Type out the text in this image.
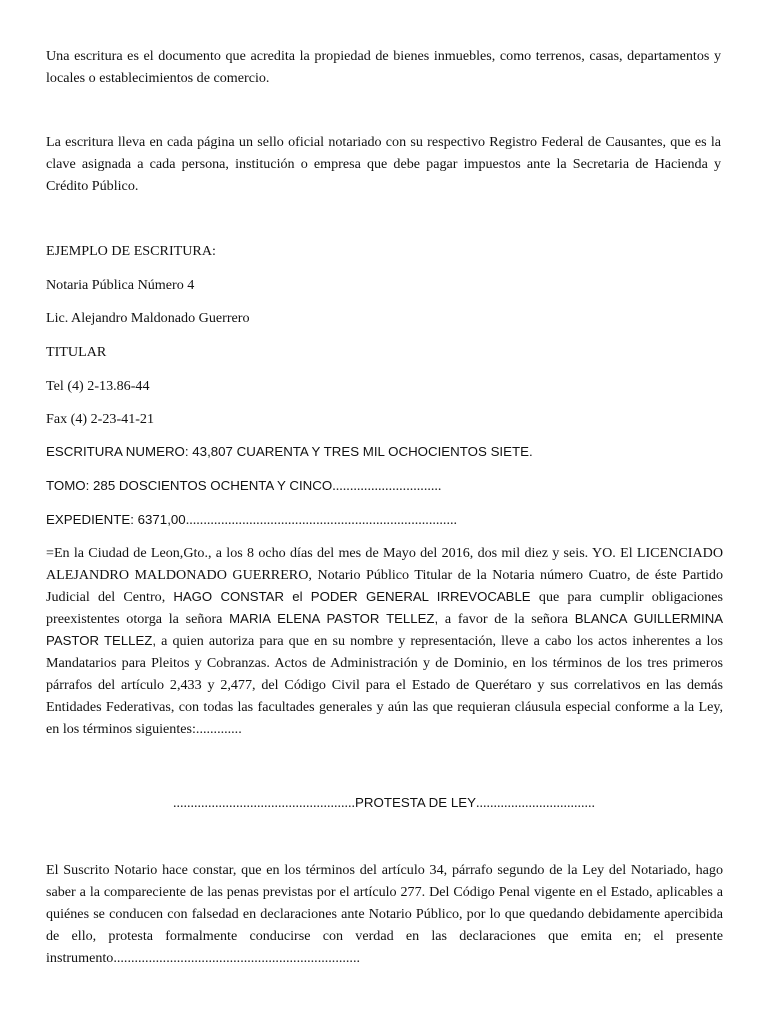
Una escritura es el documento que acredita la propiedad de bienes inmuebles, como terrenos, casas, departamentos y locales o establecimientos de comercio.

La escritura lleva en cada página un sello oficial notariado con su respectivo Registro Federal de Causantes, que es la clave asignada a cada persona, institución o empresa que debe pagar impuestos ante la Secretaria de Hacienda y Crédito Público.

EJEMPLO DE ESCRITURA:

Notaria Pública Número 4

Lic. Alejandro Maldonado Guerrero

TITULAR

Tel (4) 2-13.86-44

Fax (4) 2-23-41-21

ESCRITURA NUMERO: 43,807 CUARENTA Y TRES MIL OCHOCIENTOS SIETE.

TOMO: 285 DOSCIENTOS OCHENTA Y CINCO...............................

EXPEDIENTE: 6371,00.............................................................................

=En la Ciudad de Leon,Gto., a los 8 ocho días del mes de Mayo del 2016, dos mil diez y seis. YO. El LICENCIADO ALEJANDRO MALDONADO GUERRERO, Notario Público Titular de la Notaria número Cuatro, de éste Partido Judicial del Centro, HAGO CONSTAR el PODER GENERAL IRREVOCABLE que para cumplir obligaciones preexistentes otorga la señora MARIA ELENA PASTOR TELLEZ, a favor de la señora BLANCA GUILLERMINA PASTOR TELLEZ, a quien autoriza para que en su nombre y representación, lleve a cabo los actos inherentes a los Mandatarios para Pleitos y Cobranzas. Actos de Administración y de Dominio, en los términos de los tres primeros párrafos del artículo 2,433 y 2,477, del Código Civil para el Estado de Querétaro y sus correlativos en las demás Entidades Federativas, con todas las facultades generales y aún las que requieran cláusula especial conforme a la Ley, en los términos siguientes:.............

....................................................PROTESTA DE LEY..................................

El Suscrito Notario hace constar, que en los términos del artículo 34, párrafo segundo de la Ley del Notariado, hago saber a la compareciente de las penas previstas por el artículo 277. Del Código Penal vigente en el Estado, aplicables a quiénes se conducen con falsedad en declaraciones ante Notario Público, por lo que quedando debidamente apercibida de ello, protesta formalmente conducirse con verdad en las declaraciones que emita en; el presente instrumento......................................................................
